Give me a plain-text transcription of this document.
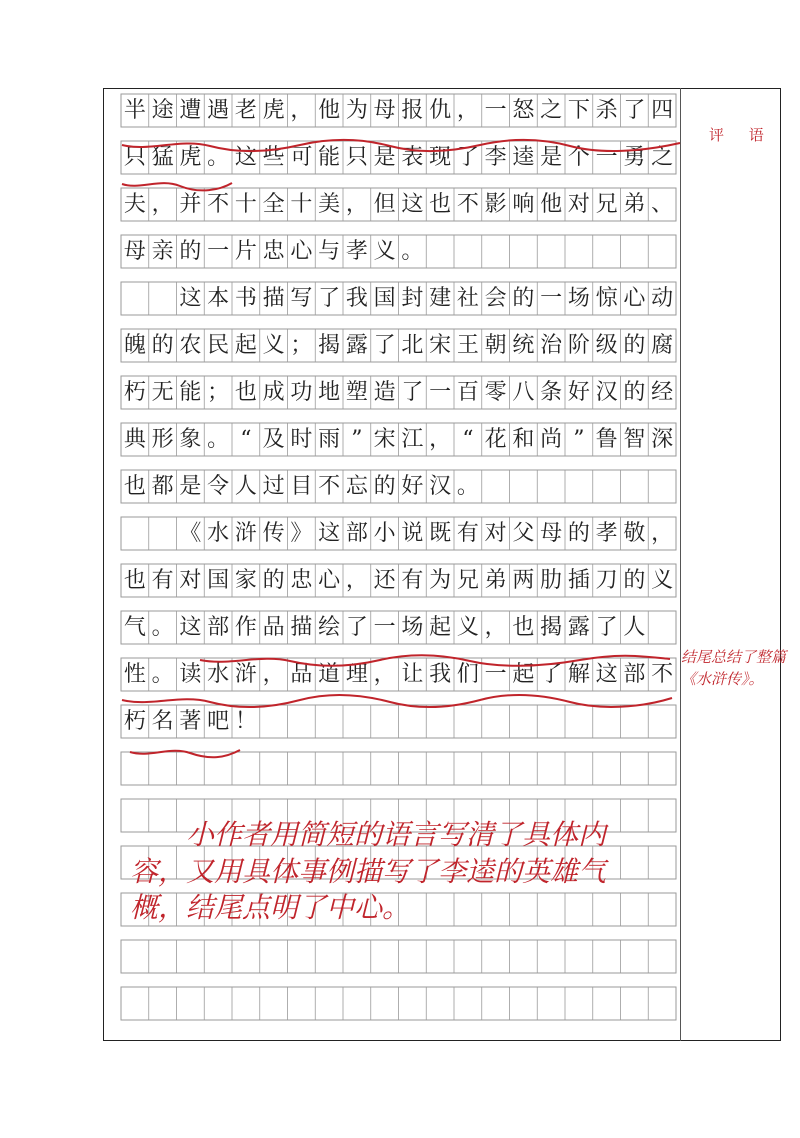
半 途 遭 遇 老 虎 ， 他 为 母 报 仇 ， 一 怒 之 下 杀 了 四
只 猛 虎 。 这 些 可 能 只 是 表 现 了 李 逵 是 个 一 勇 之
夫 ， 并 不 十 全 十 美 ， 但 这 也 不 影 响 他 对 兄 弟 、
母 亲 的 一 片 忠 心 与 孝 义 。

这 本 书 描 写 了 我 国 封 建 社 会 的 一 场 惊 心 动
魄 的 农 民 起 义 ； 揭 露 了 北 宋 王 朝 统 治 阶 级 的 腐
朽 无 能 ； 也 成 功 地 塑 造 了 一 百 零 八 条 好 汉 的 经
典 形 象 。 “ 及 时 雨 ” 宋 江 ， “ 花 和 尚 ” 鲁 智 深
也 都 是 令 人 过 目 不 忘 的 好 汉 。

《 水 浒 传 》 这 部 小 说 既 有 对 父 母 的 孝 敬 ，
也 有 对 国 家 的 忠 心 ， 还 有 为 兄 弟 两 肋 插 刀 的 义
气 。 这 部 作 品 描 绘 了 一 场 起 义 ， 也 揭 露 了 人
性 。 读 水 浒 ， 品 道 理 ， 让 我 们 一 起 了 解 这 部 不
朽 名 著 吧 ！
评 语
结尾总结了整篇《水浒传》。
　　小作者用简短的语言写清了具体内
容，又用具体事例描写了李逵的英雄气
概，结尾点明了中心。
